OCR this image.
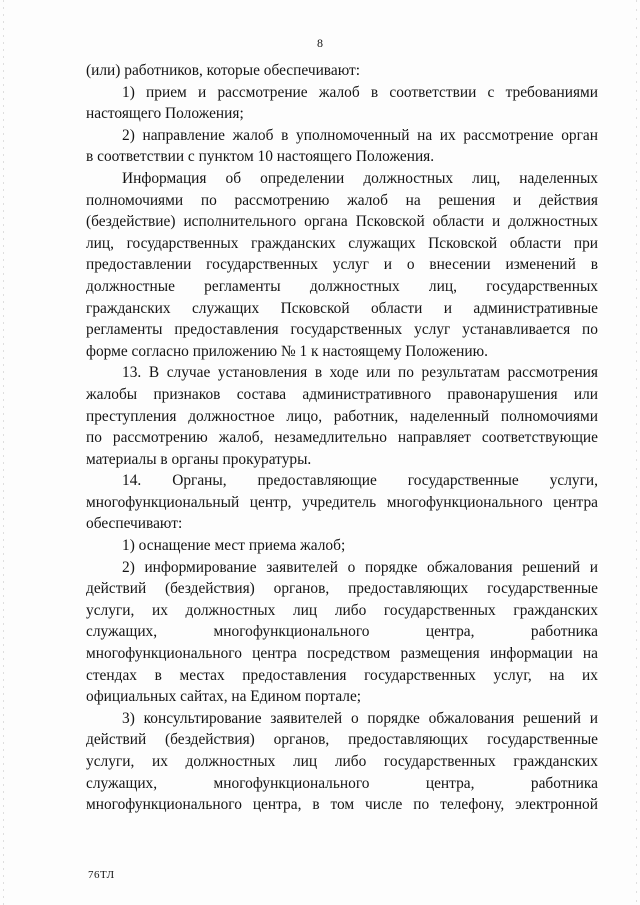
8
(или) работников, которые обеспечивают:
1) прием и рассмотрение жалоб в соответствии с требованиями
настоящего Положения;
2) направление жалоб в уполномоченный на их рассмотрение орган
в соответствии с пунктом 10 настоящего Положения.
Информация об определении должностных лиц, наделенных
полномочиями по рассмотрению жалоб на решения и действия
(бездействие) исполнительного органа Псковской области и должностных
лиц, государственных гражданских служащих Псковской области при
предоставлении государственных услуг и о внесении изменений в
должностные регламенты должностных лиц, государственных
гражданских служащих Псковской области и административные
регламенты предоставления государственных услуг устанавливается по
форме согласно приложению № 1 к настоящему Положению.
13. В случае установления в ходе или по результатам рассмотрения
жалобы признаков состава административного правонарушения или
преступления должностное лицо, работник, наделенный полномочиями
по рассмотрению жалоб, незамедлительно направляет соответствующие
материалы в органы прокуратуры.
14. Органы, предоставляющие государственные услуги,
многофункциональный центр, учредитель многофункционального центра
обеспечивают:
1) оснащение мест приема жалоб;
2) информирование заявителей о порядке обжалования решений и
действий (бездействия) органов, предоставляющих государственные
услуги, их должностных лиц либо государственных гражданских
служащих, многофункционального центра, работника
многофункционального центра посредством размещения информации на
стендах в местах предоставления государственных услуг, на их
официальных сайтах, на Едином портале;
3) консультирование заявителей о порядке обжалования решений и
действий (бездействия) органов, предоставляющих государственные
услуги, их должностных лиц либо государственных гражданских
служащих, многофункционального центра, работника
многофункционального центра, в том числе по телефону, электронной
76ТЛ
